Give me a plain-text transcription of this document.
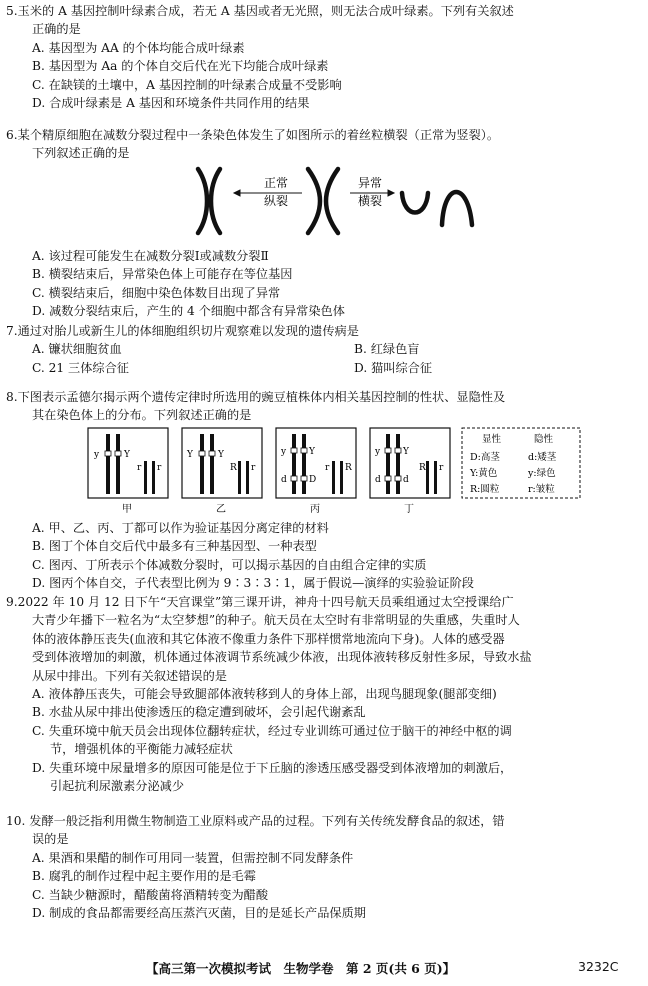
5.玉米的 A 基因控制叶绿素合成，若无 A 基因或者无光照，则无法合成叶绿素。下列有关叙述
正确的是
A. 基因型为 AA 的个体均能合成叶绿素
B. 基因型为 Aa 的个体自交后代在光下均能合成叶绿素
C. 在缺镁的土壤中，A 基因控制的叶绿素合成量不受影响
D. 合成叶绿素是 A 基因和环境条件共同作用的结果
6.某个精原细胞在减数分裂过程中一条染色体发生了如图所示的着丝粒横裂（正常为竖裂）。
下列叙述正确的是
正常
纵裂
异常
横裂
A. 该过程可能发生在减数分裂Ⅰ或减数分裂Ⅱ
B. 横裂结束后，异常染色体上可能存在等位基因
C. 横裂结束后，细胞中染色体数目出现了异常
D. 减数分裂结束后，产生的 4 个细胞中都含有异常染色体
7.通过对胎儿或新生儿的体细胞组织切片观察难以发现的遗传病是
A. 镰状细胞贫血	B. 红绿色盲
C. 21 三体综合征	D. 猫叫综合征
8.下图表示孟德尔揭示两个遗传定律时所选用的豌豆植株体内相关基因控制的性状、显隐性及
其在染色体上的分布。下列叙述正确的是
y	Y
r r
甲
Y	Y
R r
乙
y	Y
d D
r R
丙
y	Y
d d
R r
丁
显性	隐性
D:高茎	d:矮茎
Y:黄色	y:绿色
R:圆粒	r:皱粒
A. 甲、乙、丙、丁都可以作为验证基因分离定律的材料
B. 图丁个体自交后代中最多有三种基因型、一种表型
C. 图丙、丁所表示个体减数分裂时，可以揭示基因的自由组合定律的实质
D. 图丙个体自交，子代表型比例为 9∶3∶3∶1，属于假说—演绎的实验验证阶段
9.2022 年 10 月 12 日下午“天宫课堂”第三课开讲，神舟十四号航天员乘组通过太空授课给广
大青少年播下一粒名为“太空梦想”的种子。航天员在太空时有非常明显的失重感，失重时人
体的液体静压丧失(血液和其它体液不像重力条件下那样惯常地流向下身)。人体的感受器
受到体液增加的刺激，机体通过体液调节系统减少体液，出现体液转移反射性多尿，导致水盐
从尿中排出。下列有关叙述错误的是
A. 液体静压丧失，可能会导致腿部体液转移到人的身体上部，出现鸟腿现象(腿部变细)
B. 水盐从尿中排出使渗透压的稳定遭到破坏，会引起代谢紊乱
C. 失重环境中航天员会出现体位翻转症状，经过专业训练可通过位于脑干的神经中枢的调
节，增强机体的平衡能力减轻症状
D. 失重环境中尿量增多的原因可能是位于下丘脑的渗透压感受器受到体液增加的刺激后，
引起抗利尿激素分泌减少
10. 发酵一般泛指利用微生物制造工业原料或产品的过程。下列有关传统发酵食品的叙述，错
误的是
A. 果酒和果醋的制作可用同一装置，但需控制不同发酵条件
B. 腐乳的制作过程中起主要作用的是毛霉
C. 当缺少糖源时，醋酸菌将酒精转变为醋酸
D. 制成的食品都需要经高压蒸汽灭菌，目的是延长产品保质期
【高三第一次模拟考试　生物学卷　第 2 页(共 6 页)】	3232C
